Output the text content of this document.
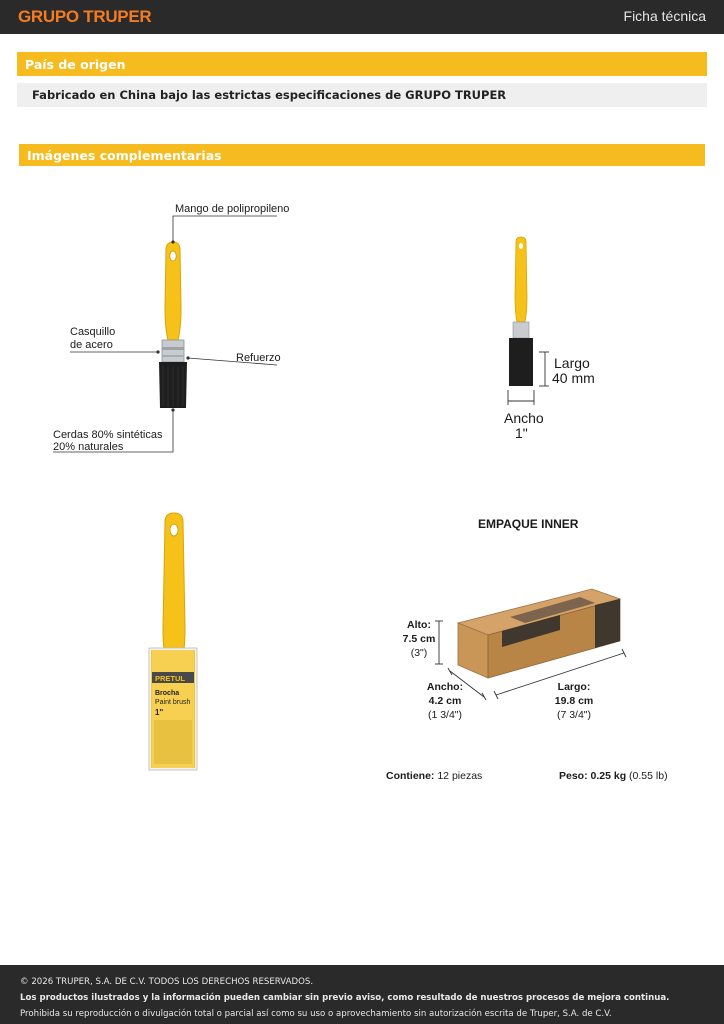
GRUPO TRUPER	Ficha técnica
País de origen
Fabricado en China bajo las estrictas especificaciones de GRUPO TRUPER
Imágenes complementarias
Mango de polipropileno
Casquillo
de acero
Refuerzo
Cerdas 80% sintéticas
20% naturales
Largo
40 mm
Ancho
1"
PRETUL
Brocha
Paint brush
1"
EMPAQUE INNER
Alto:
7.5 cm
(3")
Ancho:
4.2 cm
(1 3/4")
Largo:
19.8 cm
(7 3/4")
Contiene: 12 piezas	Peso: 0.25 kg (0.55 lb)
© 2026 TRUPER, S.A. DE C.V. TODOS LOS DERECHOS RESERVADOS.
Los productos ilustrados y la información pueden cambiar sin previo aviso, como resultado de nuestros procesos de mejora continua.
Prohibida su reproducción o divulgación total o parcial así como su uso o aprovechamiento sin autorización escrita de Truper, S.A. de C.V.
